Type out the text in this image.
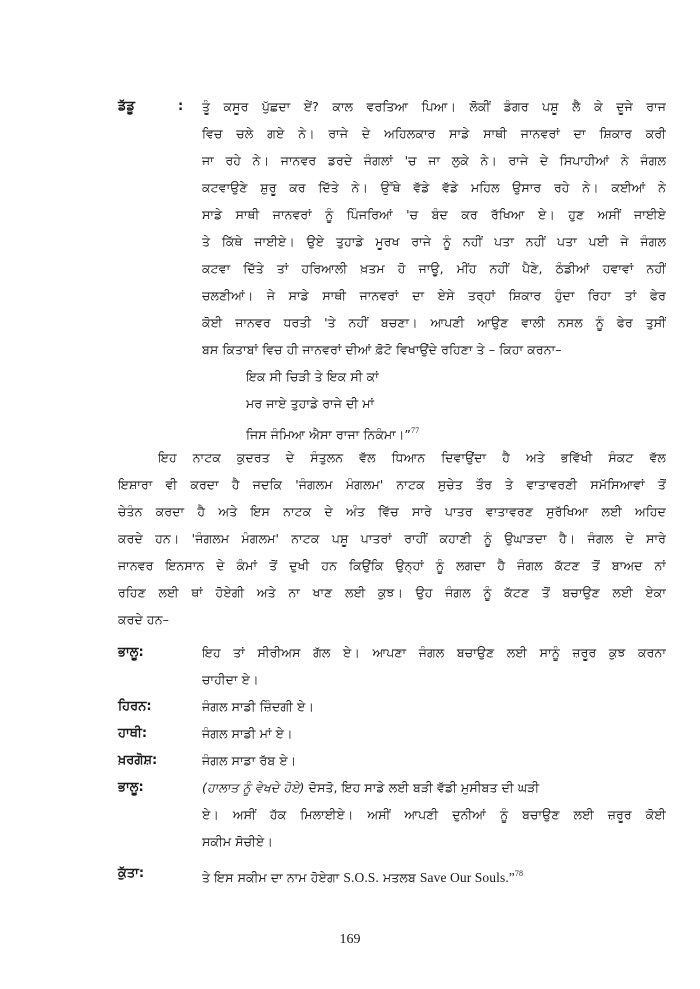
ਡੱਡੂ	: ਤੂੰ ਕਸੂਰ ਪੁੱਛਦਾ ਏਂ? ਕਾਲ ਵਰਤਿਆ ਪਿਆ। ਲੋਕੀਂ ਡੰਗਰ ਪਸ਼ੂ ਲੈ ਕੇ ਦੂਜੇ ਰਾਜ
ਵਿਚ ਚਲੇ ਗਏ ਨੇ। ਰਾਜੇ ਦੇ ਅਹਿਲਕਾਰ ਸਾਡੇ ਸਾਥੀ ਜਾਨਵਰਾਂ ਦਾ ਸ਼ਿਕਾਰ ਕਰੀ
ਜਾ ਰਹੇ ਨੇ। ਜਾਨਵਰ ਡਰਦੇ ਜੰਗਲਾਂ 'ਚ ਜਾ ਲੁਕੇ ਨੇ। ਰਾਜੇ ਦੇ ਸਿਪਾਹੀਆਂ ਨੇ ਜੰਗਲ
ਕਟਵਾਉਣੇ ਸ਼ੁਰੂ ਕਰ ਦਿੱਤੇ ਨੇ। ਉੱਥੇ ਵੱਡੇ ਵੱਡੇ ਮਹਿਲ ਉਸਾਰ ਰਹੇ ਨੇ। ਕਈਆਂ ਨੇ
ਸਾਡੇ ਸਾਥੀ ਜਾਨਵਰਾਂ ਨੂੰ ਪਿੰਜਰਿਆਂ 'ਚ ਬੰਦ ਕਰ ਰੱਖਿਆ ਏ। ਹੁਣ ਅਸੀਂ ਜਾਈਏ
ਤੇ ਕਿੱਥੇ ਜਾਈਏ। ਉਏ ਤੁਹਾਡੇ ਮੂਰਖ ਰਾਜੇ ਨੂੰ ਨਹੀਂ ਪਤਾ ਨਹੀਂ ਪਤਾ ਪਈ ਜੇ ਜੰਗਲ
ਕਟਵਾ ਦਿੱਤੇ ਤਾਂ ਹਰਿਆਲੀ ਖ਼ਤਮ ਹੋ ਜਾਊ, ਮੀਂਹ ਨਹੀਂ ਪੈਣੇ, ਠੰਡੀਆਂ ਹਵਾਵਾਂ ਨਹੀਂ
ਚਲਣੀਆਂ। ਜੇ ਸਾਡੇ ਸਾਥੀ ਜਾਨਵਰਾਂ ਦਾ ਏਸੇ ਤਰ੍ਹਾਂ ਸ਼ਿਕਾਰ ਹੁੰਦਾ ਰਿਹਾ ਤਾਂ ਫੇਰ
ਕੋਈ ਜਾਨਵਰ ਧਰਤੀ 'ਤੇ ਨਹੀਂ ਬਚਣਾ। ਆਪਣੀ ਆਉਣ ਵਾਲੀ ਨਸਲ ਨੂੰ ਫੇਰ ਤੁਸੀਂ
ਬਸ ਕਿਤਾਬਾਂ ਵਿਚ ਹੀ ਜਾਨਵਰਾਂ ਦੀਆਂ ਫ਼ੋਟੋ ਵਿਖਾਉਂਦੇ ਰਹਿਣਾ ਤੇ – ਕਿਹਾ ਕਰਨਾ–
ਇਕ ਸੀ ਚਿੜੀ ਤੇ ਇਕ ਸੀ ਕਾਂ
ਮਰ ਜਾਏ ਤੁਹਾਡੇ ਰਾਜੇ ਦੀ ਮਾਂ
ਜਿਸ ਜੰਮਿਆ ਐਸਾ ਰਾਜਾ ਨਿਕੰਮਾ।”$^{77}$
ਇਹ ਨਾਟਕ ਕੁਦਰਤ ਦੇ ਸੰਤੁਲਨ ਵੱਲ ਧਿਆਨ ਦਿਵਾਉਂਦਾ ਹੈ ਅਤੇ ਭਵਿੱਖੀ ਸੰਕਟ ਵੱਲ
ਇਸ਼ਾਰਾ ਵੀ ਕਰਦਾ ਹੈ ਜਦਕਿ 'ਜੰਗਲਮ ਮੰਗਲਮ' ਨਾਟਕ ਸੁਚੇਤ ਤੌਰ ਤੇ ਵਾਤਾਵਰਣੀ ਸਮੱਸਿਆਵਾਂ ਤੋਂ
ਚੇਤੰਨ ਕਰਦਾ ਹੈ ਅਤੇ ਇਸ ਨਾਟਕ ਦੇ ਅੰਤ ਵਿੱਚ ਸਾਰੇ ਪਾਤਰ ਵਾਤਾਵਰਣ ਸੁਰੱਖਿਆ ਲਈ ਅਹਿਦ
ਕਰਦੇ ਹਨ। 'ਜੰਗਲਮ ਮੰਗਲਮ' ਨਾਟਕ ਪਸ਼ੂ ਪਾਤਰਾਂ ਰਾਹੀਂ ਕਹਾਣੀ ਨੂੰ ਉਘਾੜਦਾ ਹੈ। ਜੰਗਲ ਦੇ ਸਾਰੇ
ਜਾਨਵਰ ਇਨਸਾਨ ਦੇ ਕੰਮਾਂ ਤੋਂ ਦੁਖੀ ਹਨ ਕਿਉਂਕਿ ਉਨ੍ਹਾਂ ਨੂੰ ਲਗਦਾ ਹੈ ਜੰਗਲ ਕੱਟਣ ਤੋਂ ਬਾਅਦ ਨਾਂ
ਰਹਿਣ ਲਈ ਥਾਂ ਹੋਏਗੀ ਅਤੇ ਨਾ ਖਾਣ ਲਈ ਕੁਝ। ਉਹ ਜੰਗਲ ਨੂੰ ਕੱਟਣ ਤੋਂ ਬਚਾਉਣ ਲਈ ਏਕਾ
ਕਰਦੇ ਹਨ–
ਭਾਲੂ:	ਇਹ ਤਾਂ ਸੀਰੀਅਸ ਗੱਲ ਏ। ਆਪਣਾ ਜੰਗਲ ਬਚਾਉਣ ਲਈ ਸਾਨੂੰ ਜ਼ਰੂਰ ਕੁਝ ਕਰਨਾ
ਚਾਹੀਦਾ ਏ।
ਹਿਰਨ:	ਜੰਗਲ ਸਾਡੀ ਜ਼ਿੰਦਗੀ ਏ।
ਹਾਥੀ:	ਜੰਗਲ ਸਾਡੀ ਮਾਂ ਏ।
ਖ਼ਰਗੋਸ਼:	ਜੰਗਲ ਸਾਡਾ ਰੱਬ ਏ।
ਭਾਲੂ:	(ਹਾਲਾਤ ਨੂੰ ਵੇਖਦੇ ਹੋਏ) ਦੋਸਤੋ, ਇਹ ਸਾਡੇ ਲਈ ਬੜੀ ਵੱਡੀ ਮੁਸੀਬਤ ਦੀ ਘੜੀ
ਏ। ਅਸੀਂ ਹੱਕ ਮਿਲਾਈਏ। ਅਸੀਂ ਆਪਣੀ ਦੁਨੀਆਂ ਨੂੰ ਬਚਾਉਣ ਲਈ ਜ਼ਰੂਰ ਕੋਈ
ਸਕੀਮ ਸੋਚੀਏ।
ਕੁੱਤਾ:	ਤੇ ਇਸ ਸਕੀਮ ਦਾ ਨਾਮ ਹੋਏਗਾ S.O.S. ਮਤਲਬ Save Our Souls.”$^{78}$
169
